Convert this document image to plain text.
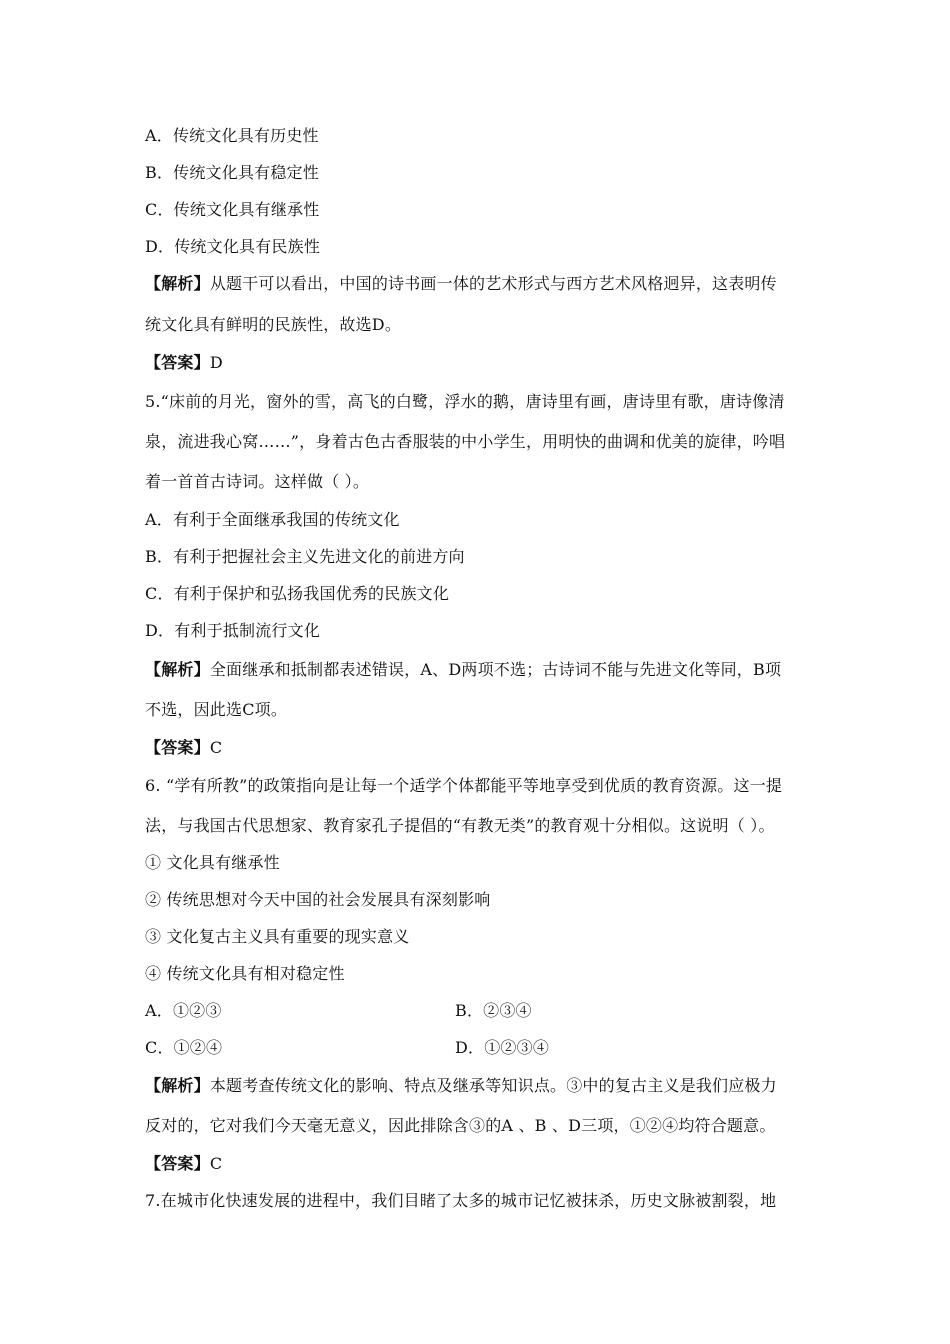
A．传统文化具有历史性
B．传统文化具有稳定性
C．传统文化具有继承性
D．传统文化具有民族性
【解析】从题干可以看出，中国的诗书画一体的艺术形式与西方艺术风格迥异，这表明传
统文化具有鲜明的民族性，故选D。
【答案】D
5.“床前的月光，窗外的雪，高飞的白鹭，浮水的鹅，唐诗里有画，唐诗里有歌，唐诗像清
泉，流进我心窝……”，身着古色古香服装的中小学生，用明快的曲调和优美的旋律，吟唱
着一首首古诗词。这样做（ ）。
A．有利于全面继承我国的传统文化
B．有利于把握社会主义先进文化的前进方向
C．有利于保护和弘扬我国优秀的民族文化
D．有利于抵制流行文化
【解析】全面继承和抵制都表述错误，A、D两项不选；古诗词不能与先进文化等同，B项
不选，因此选C项。
【答案】C
6. “学有所教”的政策指向是让每一个适学个体都能平等地享受到优质的教育资源。这一提
法，与我国古代思想家、教育家孔子提倡的“有教无类”的教育观十分相似。这说明（ ）。
① 文化具有继承性
② 传统思想对今天中国的社会发展具有深刻影响
③ 文化复古主义具有重要的现实意义
④ 传统文化具有相对稳定性
A．①②③	B．②③④
C．①②④	D．①②③④
【解析】本题考查传统文化的影响、特点及继承等知识点。③中的复古主义是我们应极力
反对的，它对我们今天毫无意义，因此排除含③的A 、B 、D三项，①②④均符合题意。
【答案】C
7.在城市化快速发展的进程中，我们目睹了太多的城市记忆被抹杀，历史文脉被割裂，地
